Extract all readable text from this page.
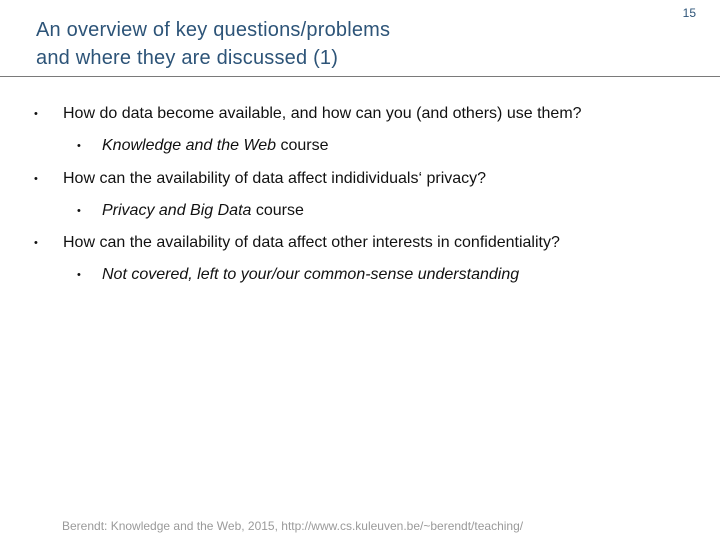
An overview of key questions/problems
and where they are discussed (1)
15
• How do data become available, and how can you (and others) use them?
• Knowledge and the Web course
• How can the availability of data affect indidividuals‘ privacy?
• Privacy and Big Data course
• How can the availability of data affect other interests in confidentiality?
• Not covered, left to your/our common-sense understanding
Berendt: Knowledge and the Web, 2015, http://www.cs.kuleuven.be/~berendt/teaching/
